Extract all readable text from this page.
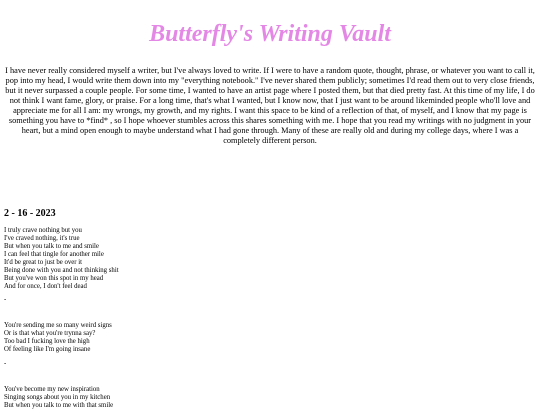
Butterfly's Writing Vault

I have never really considered myself a writer, but I've always loved to write. If I were to have a random quote, thought, phrase, or whatever you want to call it, pop into my head, I would write them down into my "everything notebook." I've never shared them publicly; sometimes I'd read them out to very close friends, but it never surpassed a couple people. For some time, I wanted to have an artist page where I posted them, but that died pretty fast. At this time of my life, I do not think I want fame, glory, or praise. For a long time, that's what I wanted, but I know now, that I just want to be around likeminded people who'll love and appreciate me for all I am: my wrongs, my growth, and my rights. I want this space to be kind of a reflection of that, of myself, and I know that my page is something you have to *find* , so I hope whoever stumbles across this shares something with me. I hope that you read my writings with no judgment in your heart, but a mind open enough to maybe understand what I had gone through. Many of these are really old and during my college days, where I was a completely different person.

2 - 16 - 2023
I truly crave nothing but you
I've craved nothing, it's true
But when you talk to me and smile
I can feel that tingle for another mile
It'd be great to just be over it
Being done with you and not thinking shit
But you've won this spot in my head
And for once, I don't feel dead
-
You're sending me so many weird signs
Or is that what you're trynna say?
Too bad I fucking love the high
Of feeling like I'm going insane
-
You've become my new inspiration
Singing songs about you in my kitchen
But when you talk to me with that smile
